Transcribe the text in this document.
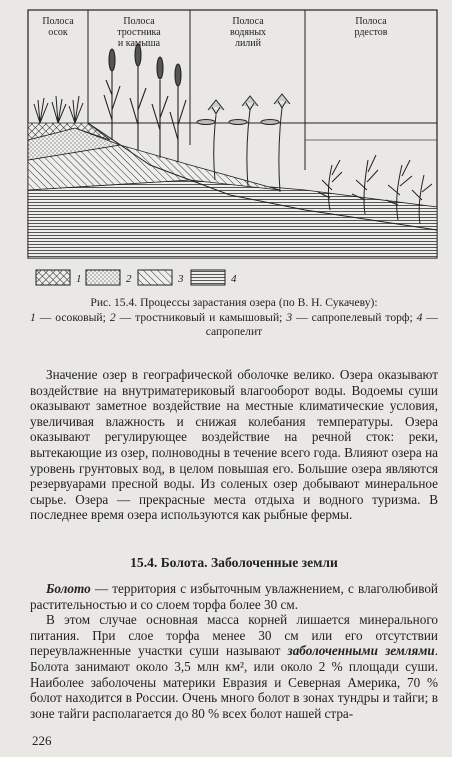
Полоса осок
Полоса тростника и камыша
Полоса водяных лилий
Полоса рдестов
1	2	3	4
Рис. 15.4. Процессы зарастания озера (по В. Н. Сукачеву):
1 — осоковый; 2 — тростниковый и камышовый; 3 — сапропелевый торф; 4 — сапропелит

Значение озер в географической оболочке велико. Озера оказывают воздействие на внутриматериковый влагооборот воды. Водоемы суши оказывают заметное воздействие на местные климатические условия, увеличивая влажность и снижая колебания температуры. Озера оказывают регулирующее воздействие на речной сток: реки, вытекающие из озер, полноводны в течение всего года. Влияют озера на уровень грунтовых вод, в целом повышая его. Большие озера являются резервуарами пресной воды. Из соленых озер добывают минеральное сырье. Озера — прекрасные места отдыха и водного туризма. В последнее время озера используются как рыбные фермы.

15.4. Болота. Заболоченные земли

Болото — территория с избыточным увлажнением, с влаголюбивой растительностью и со слоем торфа более 30 см.

В этом случае основная масса корней лишается минерального питания. При слое торфа менее 30 см или его отсутствии переувлажненные участки суши называют заболоченными землями. Болота занимают около 3,5 млн км², или около 2 % площади суши. Наиболее заболочены материки Евразия и Северная Америка, 70 % болот находится в России. Очень много болот в зонах тундры и тайги; в зоне тайги располагается до 80 % всех болот нашей стра-

226
